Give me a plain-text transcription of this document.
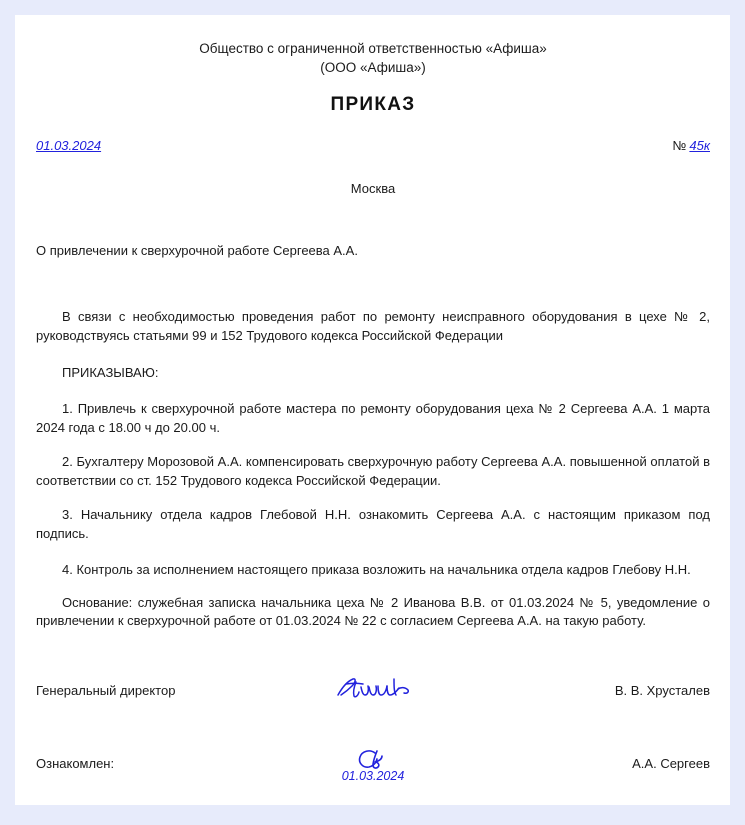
Общество с ограниченной ответственностью «Афиша»
(ООО «Афиша»)
ПРИКАЗ
01.03.2024	№ 45к
Москва
О привлечении к сверхурочной работе Сергеева А.А.

В связи с необходимостью проведения работ по ремонту неисправного оборудования в цехе № 2, руководствуясь статьями 99 и 152 Трудового кодекса Российской Федерации

ПРИКАЗЫВАЮ:

1. Привлечь к сверхурочной работе мастера по ремонту оборудования цеха № 2 Сергеева А.А. 1 марта 2024 года с 18.00 ч до 20.00 ч.

2. Бухгалтеру Морозовой А.А. компенсировать сверхурочную работу Сергеева А.А. повышенной оплатой в соответствии со ст. 152 Трудового кодекса Российской Федерации.

3. Начальнику отдела кадров Глебовой Н.Н. ознакомить Сергеева А.А. с настоящим приказом под подпись.

4. Контроль за исполнением настоящего приказа возложить на начальника отдела кадров Глебову Н.Н.

Основание: служебная записка начальника цеха № 2 Иванова В.В. от 01.03.2024 № 5, уведомление о привлечении к сверхурочной работе от 01.03.2024 № 22 с согласием Сергеева А.А. на такую работу.

Генеральный директор	В. В. Хрусталев
Ознакомлен:
01.03.2024
А.А. Сергеев
